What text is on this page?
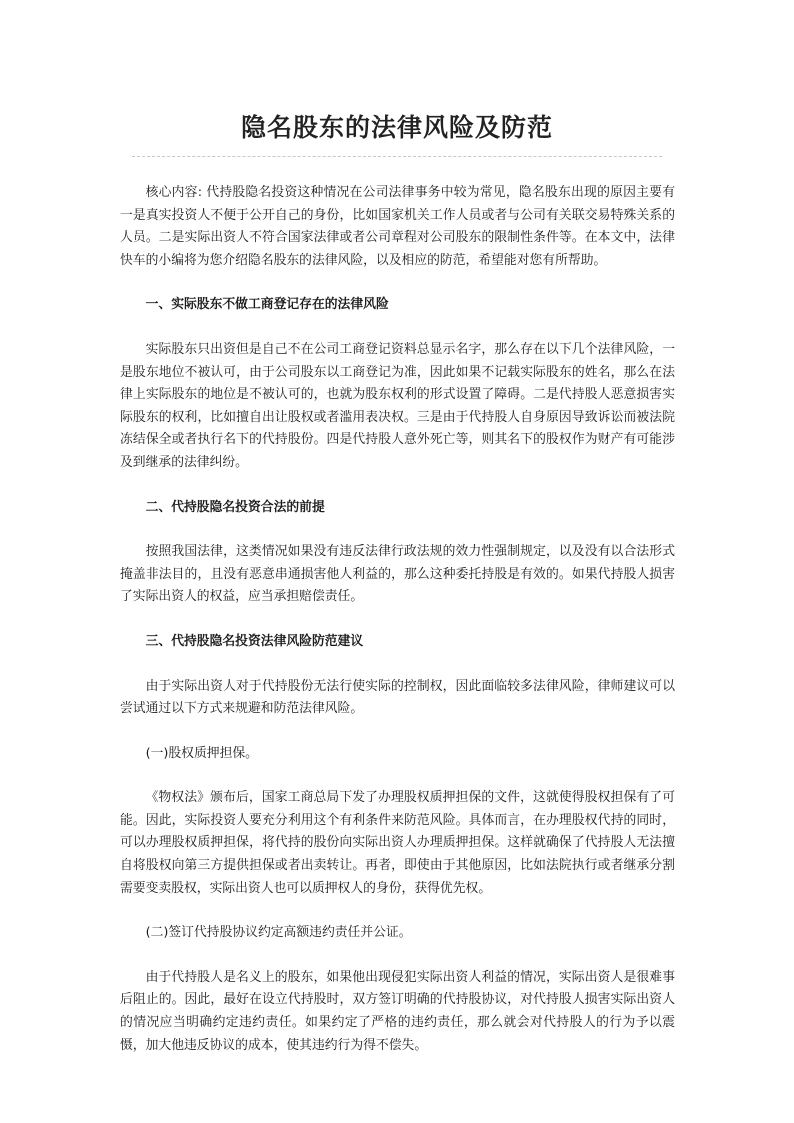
隐名股东的法律风险及防范

核心内容: 代持股隐名投资这种情况在公司法律事务中较为常见，隐名股东出现的原因主要有一是真实投资人不便于公开自己的身份，比如国家机关工作人员或者与公司有关联交易特殊关系的人员。二是实际出资人不符合国家法律或者公司章程对公司股东的限制性条件等。在本文中，法律快车的小编将为您介绍隐名股东的法律风险，以及相应的防范，希望能对您有所帮助。

一、实际股东不做工商登记存在的法律风险

实际股东只出资但是自己不在公司工商登记资料总显示名字，那么存在以下几个法律风险，一是股东地位不被认可，由于公司股东以工商登记为准，因此如果不记载实际股东的姓名，那么在法律上实际股东的地位是不被认可的，也就为股东权利的形式设置了障碍。二是代持股人恶意损害实际股东的权利，比如擅自出让股权或者滥用表决权。三是由于代持股人自身原因导致诉讼而被法院冻结保全或者执行名下的代持股份。四是代持股人意外死亡等，则其名下的股权作为财产有可能涉及到继承的法律纠纷。

二、代持股隐名投资合法的前提

按照我国法律，这类情况如果没有违反法律行政法规的效力性强制规定，以及没有以合法形式掩盖非法目的，且没有恶意串通损害他人利益的，那么这种委托持股是有效的。如果代持股人损害了实际出资人的权益，应当承担赔偿责任。

三、代持股隐名投资法律风险防范建议

由于实际出资人对于代持股份无法行使实际的控制权，因此面临较多法律风险，律师建议可以尝试通过以下方式来规避和防范法律风险。

(一)股权质押担保。

《物权法》颁布后，国家工商总局下发了办理股权质押担保的文件，这就使得股权担保有了可能。因此，实际投资人要充分利用这个有利条件来防范风险。具体而言，在办理股权代持的同时，可以办理股权质押担保，将代持的股份向实际出资人办理质押担保。这样就确保了代持股人无法擅自将股权向第三方提供担保或者出卖转让。再者，即使由于其他原因，比如法院执行或者继承分割需要变卖股权，实际出资人也可以质押权人的身份，获得优先权。

(二)签订代持股协议约定高额违约责任并公证。

由于代持股人是名义上的股东，如果他出现侵犯实际出资人利益的情况，实际出资人是很难事后阻止的。因此，最好在设立代持股时，双方签订明确的代持股协议，对代持股人损害实际出资人的情况应当明确约定违约责任。如果约定了严格的违约责任，那么就会对代持股人的行为予以震慑，加大他违反协议的成本，使其违约行为得不偿失。
